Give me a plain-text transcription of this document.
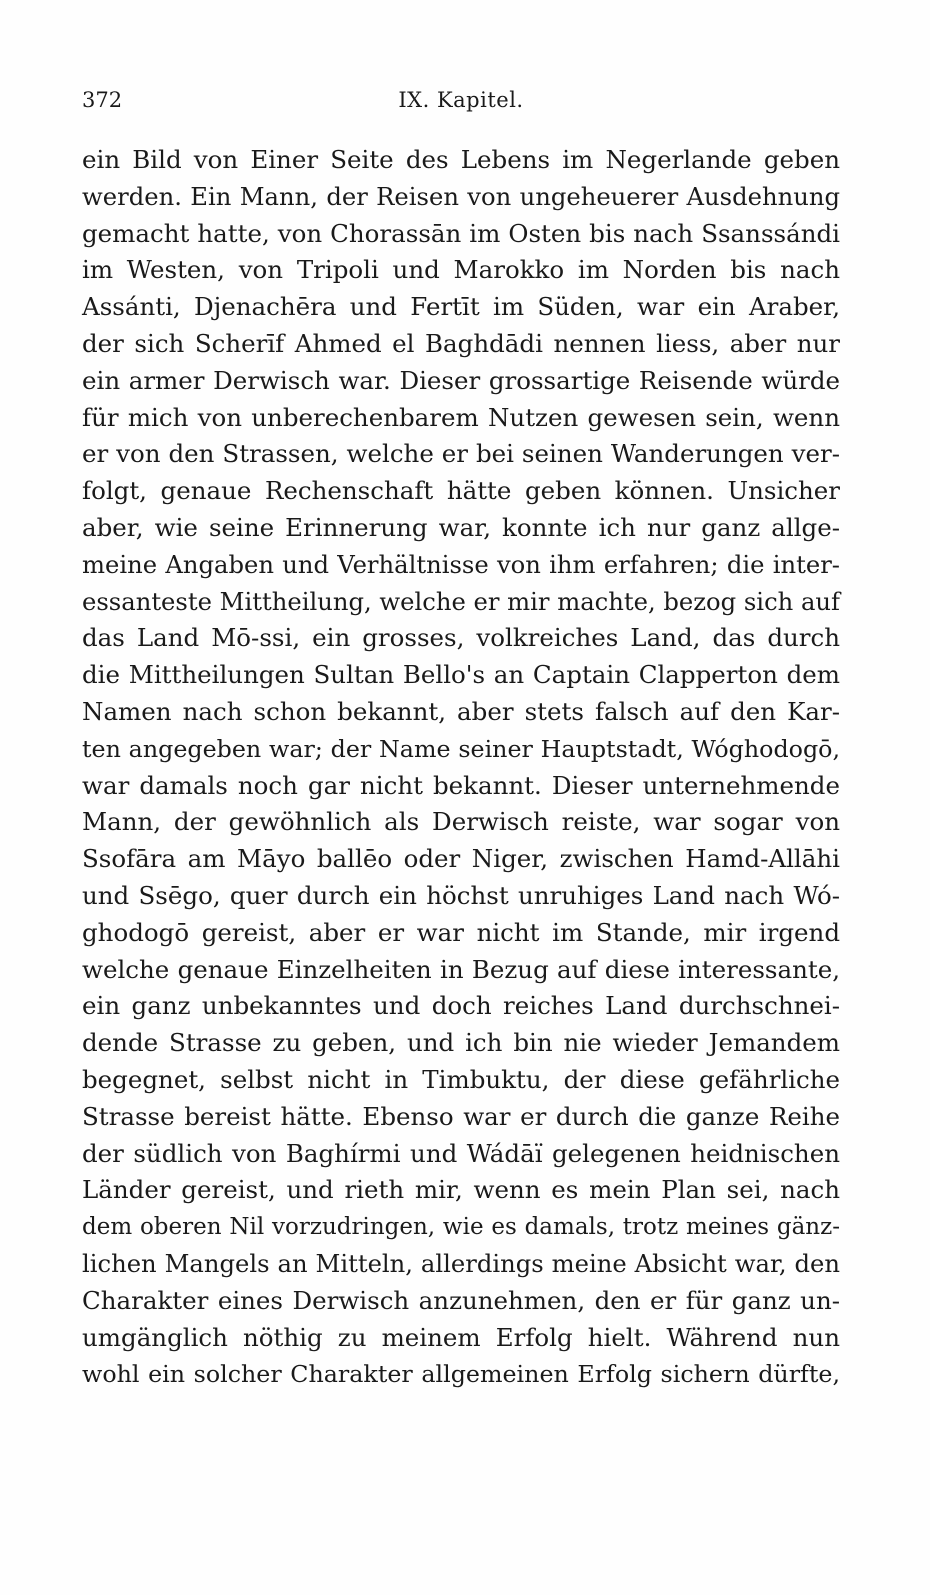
372	IX. Kapitel.
ein Bild von Einer Seite des Lebens im Negerlande geben
werden. Ein Mann, der Reisen von ungeheuerer Ausdehnung
gemacht hatte, von Chorassān im Osten bis nach Ssanssándi
im Westen, von Tripoli und Marokko im Norden bis nach
Assánti, Djenachēra und Fertīt im Süden, war ein Araber,
der sich Scherīf Ahmed el Baghdādi nennen liess, aber nur
ein armer Derwisch war. Dieser grossartige Reisende würde
für mich von unberechenbarem Nutzen gewesen sein, wenn
er von den Strassen, welche er bei seinen Wanderungen ver-
folgt, genaue Rechenschaft hätte geben können. Unsicher
aber, wie seine Erinnerung war, konnte ich nur ganz allge-
meine Angaben und Verhältnisse von ihm erfahren; die inter-
essanteste Mittheilung, welche er mir machte, bezog sich auf
das Land Mō-ssi, ein grosses, volkreiches Land, das durch
die Mittheilungen Sultan Bello's an Captain Clapperton dem
Namen nach schon bekannt, aber stets falsch auf den Kar-
ten angegeben war; der Name seiner Hauptstadt, Wóghodogō,
war damals noch gar nicht bekannt. Dieser unternehmende
Mann, der gewöhnlich als Derwisch reiste, war sogar von
Ssofāra am Māyo ballēo oder Niger, zwischen Hamd-Allāhi
und Ssēgo, quer durch ein höchst unruhiges Land nach Wó-
ghodogō gereist, aber er war nicht im Stande, mir irgend
welche genaue Einzelheiten in Bezug auf diese interessante,
ein ganz unbekanntes und doch reiches Land durchschnei-
dende Strasse zu geben, und ich bin nie wieder Jemandem
begegnet, selbst nicht in Timbuktu, der diese gefährliche
Strasse bereist hätte. Ebenso war er durch die ganze Reihe
der südlich von Baghírmi und Wádāï gelegenen heidnischen
Länder gereist, und rieth mir, wenn es mein Plan sei, nach
dem oberen Nil vorzudringen, wie es damals, trotz meines gänz-
lichen Mangels an Mitteln, allerdings meine Absicht war, den
Charakter eines Derwisch anzunehmen, den er für ganz un-
umgänglich nöthig zu meinem Erfolg hielt. Während nun
wohl ein solcher Charakter allgemeinen Erfolg sichern dürfte,
